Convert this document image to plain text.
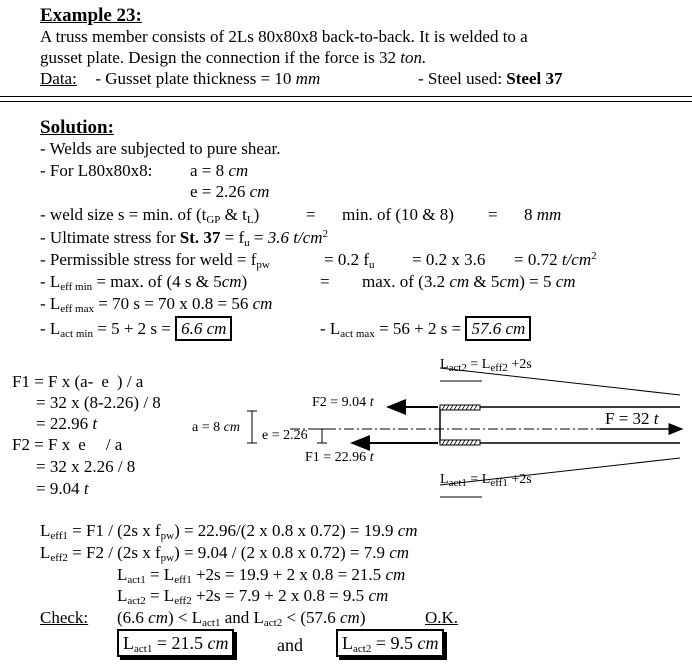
Example 23:
A truss member consists of 2Ls 80x80x8 back-to-back. It is welded to a
gusset plate. Design the connection if the force is 32 ton.
Data: - Gusset plate thickness = 10 mm	- Steel used: Steel 37
Solution:
- Welds are subjected to pure shear.
- For L80x80x8: a = 8 cm
e = 2.26 cm
- weld size s = min. of ($t_{GP}$ & $t_L$)	= min. of (10 & 8) = 8 mm
- Ultimate stress for St. $37 = f_u = 3.6$ $t/cm^2$
- Permissible stress for weld = $f_{pw}$	= 0.2 $f_u = 0.2$ x 3.6 = 0.72 $t/cm^2$
- $L_{eff min} = \max$. of (4 s & 5cm)	= max. of (3.2 cm & 5cm) = 5 cm
- $L_{eff max} = 70$ s = 70 x 0.8 = 56 cm
- $L_{act min} = 5 + 2$ s = 6.6 cm	- $L_{act max} = 56 + 2$ s = 57.6 cm
F1 = F x (a- e ) / a
= 32 x (8-2.26) / 8
= 22.96 t
F2 = F x e / a
= 32 x 2.26 / 8
= 9.04 t
$L_{act2} = L_{eff2} +2s$
F2 = 9.04 t
F = 32 t
a = 8 cm
e = 2.26
F1 = 22.96 t
$L_{act1} = L_{eff1} +2s$
$L_{eff1} = F1 / (2s$ x $f_{pw}) = 22.96/(2$ x 0.8 x 0.72) = 19.9 cm
$L_{eff2} = F2 / (2s$ x $f_{pw}) = 9.04 / (2$ x 0.8 x 0.72) = 7.9 cm
$L_{act1} = L_{eff1} +2s = 19.9 + 2$ x 0.8 = 21.5 cm
$L_{act2} = L_{eff2} +2s = 7.9 + 2$ x 0.8 = 9.5 cm
Check: (6.6 $cm) < L_{act1}$ and $L_{act2} < (57.6$ cm)	O.K.
$L_{act1} = 21.5$ cm	and	$L_{act2} = 9.5$ cm
